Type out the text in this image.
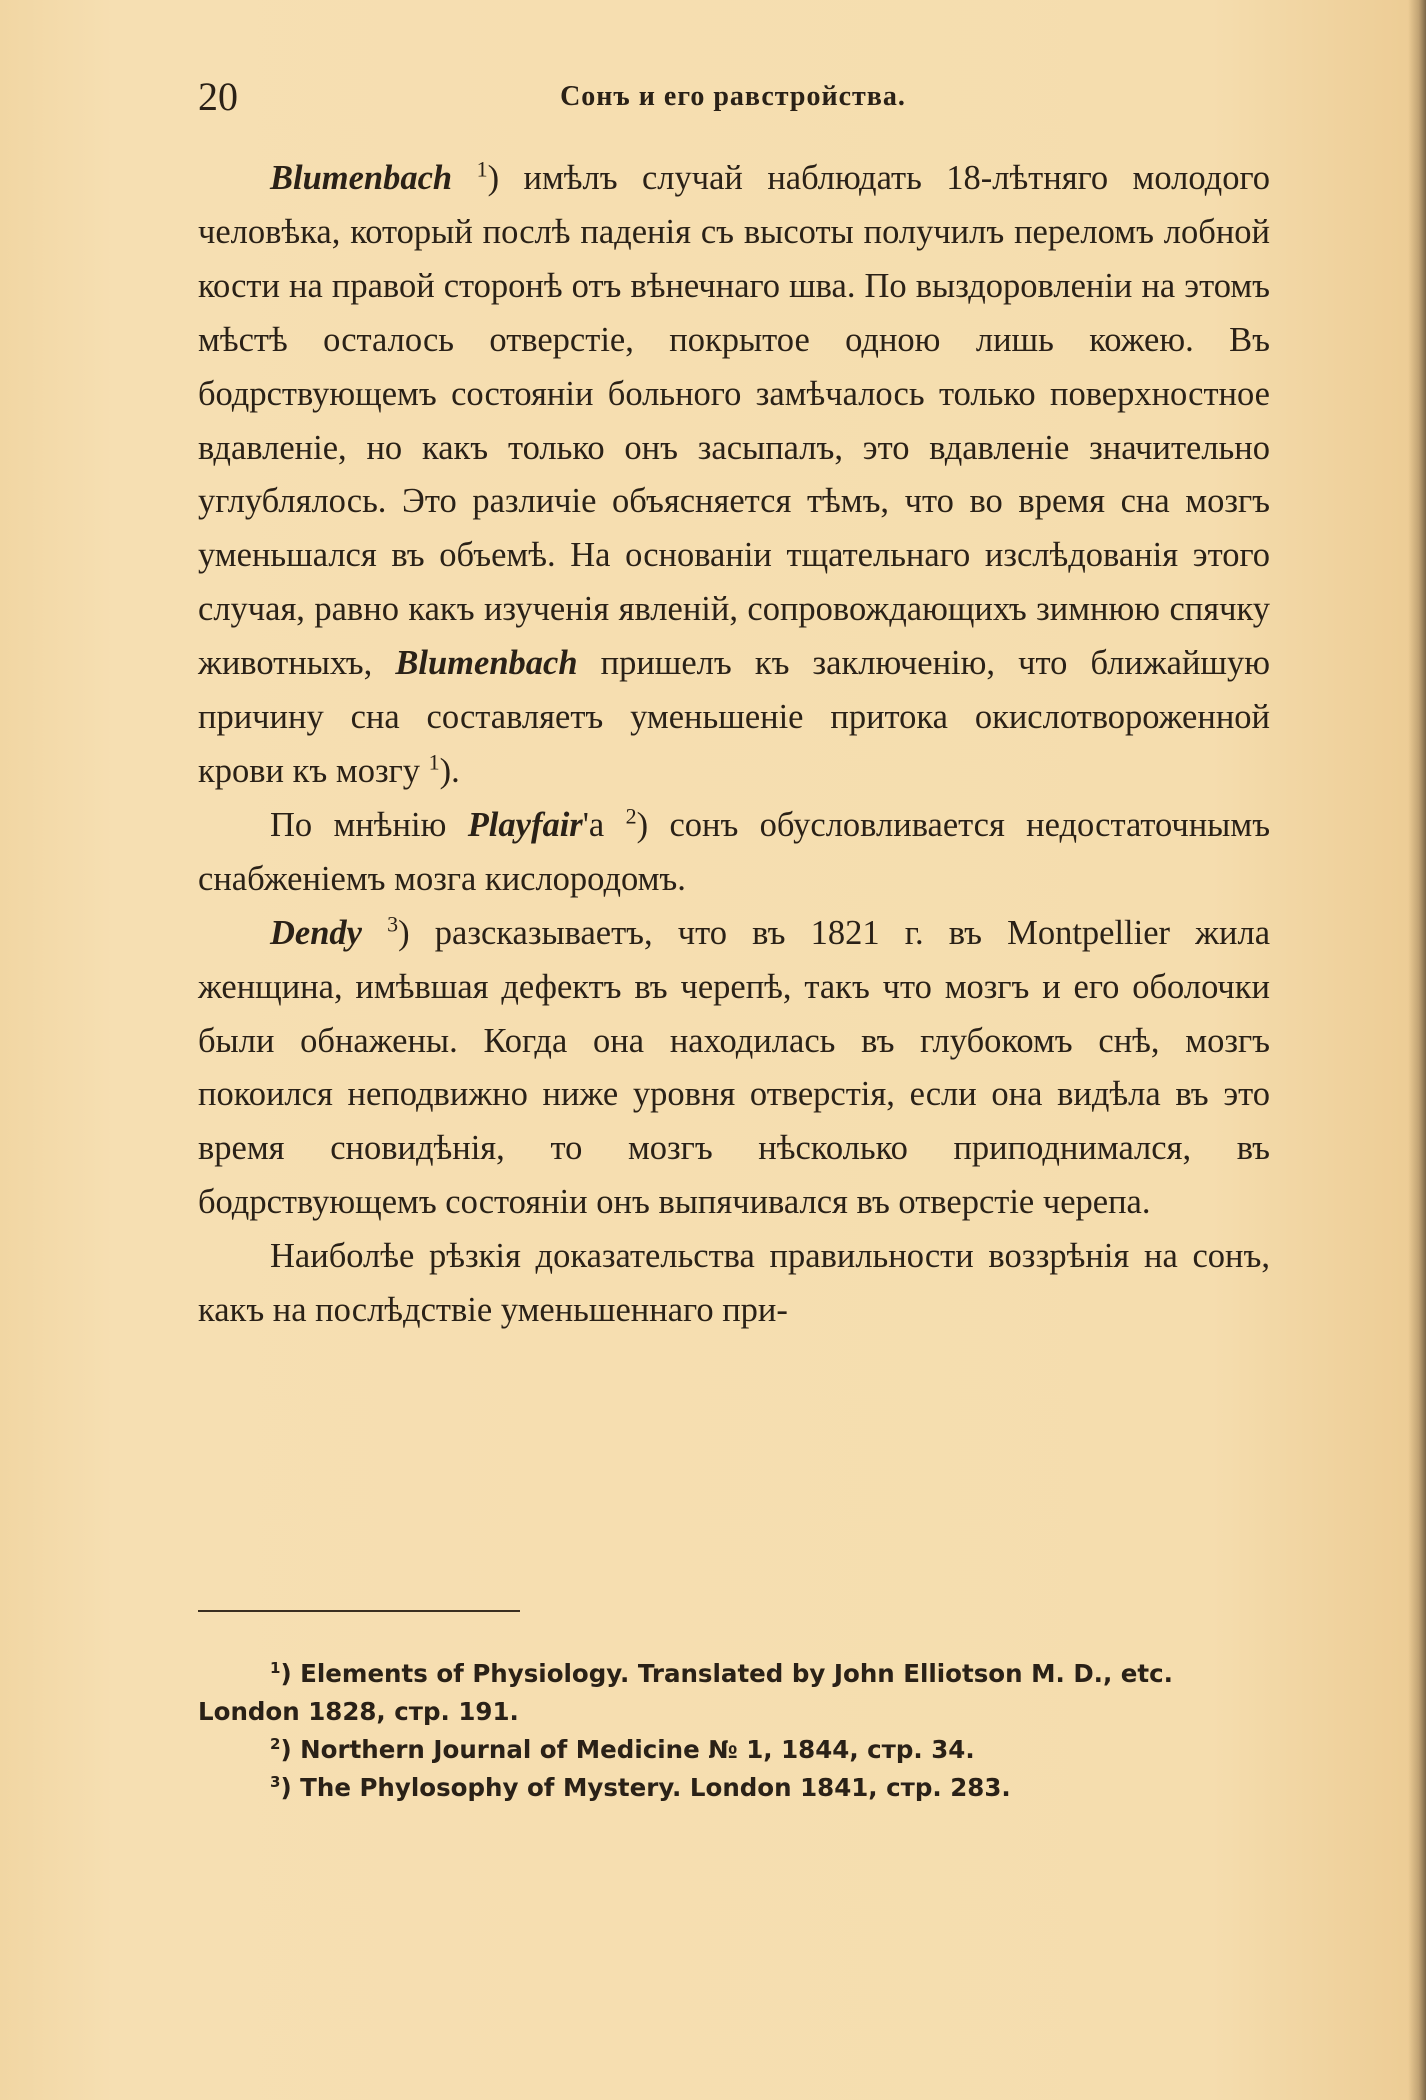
20	Сонъ и его равстройства.

Blumenbach $^1$) имѣлъ случай наблюдать 18-лѣтняго молодого человѣка, который послѣ паденія съ высоты получилъ переломъ лобной кости на правой сторонѣ отъ вѣнечнаго шва. По выздоровленіи на этомъ мѣстѣ осталось отверстіе, покрытое одною лишь кожею. Въ бодрствующемъ состояніи больного замѣчалось только поверхностное вдавленіе, но какъ только онъ засыпалъ, это вдавленіе значительно углублялось. Это различіе объясняется тѣмъ, что во время сна мозгъ уменьшался въ объемѣ. На основаніи тщательнаго изслѣдованія этого случая, равно какъ изученія явленій, сопровождающихъ зимнюю спячку животныхъ, Blumenbach пришелъ къ заключенію, что ближайшую причину сна составляетъ уменьшеніе притока окислотвороженной крови къ мозгу $^1$).

По мнѣнію Playfair'а $^2$) сонъ обусловливается недостаточнымъ снабженіемъ мозга кислородомъ.

Dendy $^3$) разсказываетъ, что въ 1821 г. въ Montpellier жила женщина, имѣвшая дефектъ въ черепѣ, такъ что мозгъ и его оболочки были обнажены. Когда она находилась въ глубокомъ снѣ, мозгъ покоился неподвижно ниже уровня отверстія, если она видѣла въ это время сновидѣнія, то мозгъ нѣсколько приподнимался, въ бодрствующемъ состояніи онъ выпячивался въ отверстіе черепа.

Наиболѣе рѣзкія доказательства правильности воззрѣнія на сонъ, какъ на послѣдствіе уменьшеннаго при-

$^1$) Elements of Physiology. Translated by John Elliotson M. D., etc. London 1828, стр. 191.

$^2$) Northern Journal of Medicine № 1, 1844, стр. 34.

$^3$) The Phylosophy of Mystery. London 1841, стр. 283.
